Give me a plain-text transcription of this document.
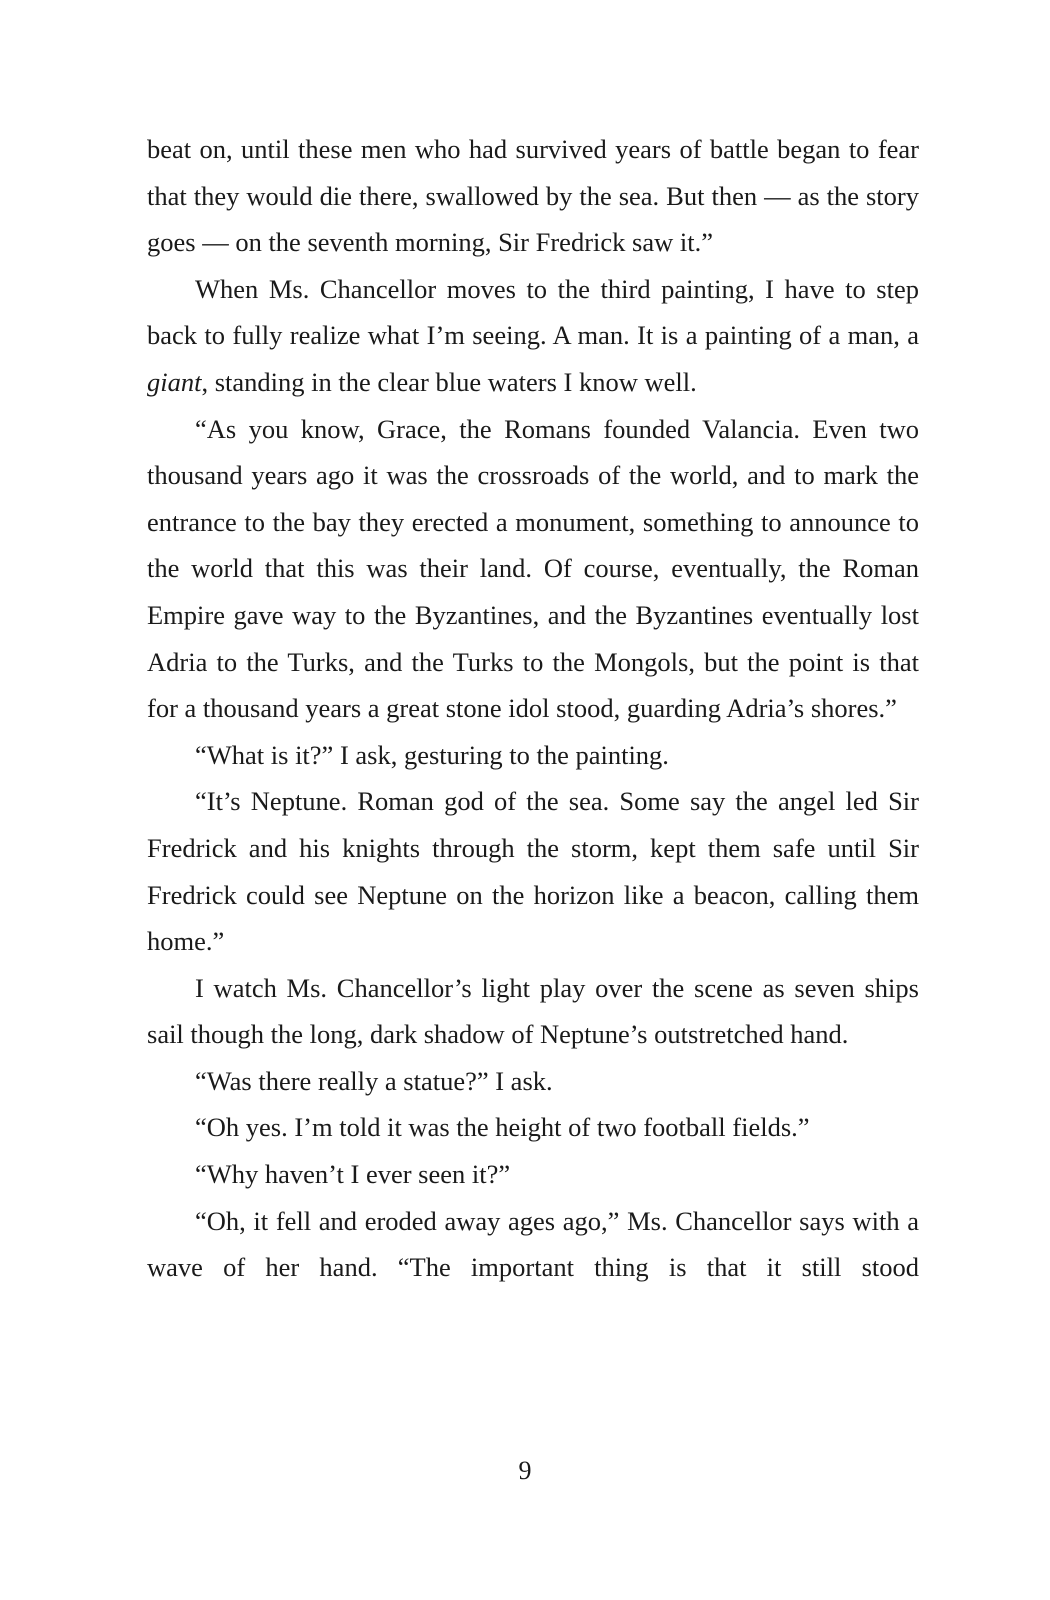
beat on, until these men who had survived years of battle began to fear that they would die there, swallowed by the sea. But then — as the story goes — on the seventh morning, Sir Fredrick saw it.”

When Ms. Chancellor moves to the third painting, I have to step back to fully realize what I’m seeing. A man. It is a painting of a man, a giant, standing in the clear blue waters I know well.

“As you know, Grace, the Romans founded Valancia. Even two thousand years ago it was the crossroads of the world, and to mark the entrance to the bay they erected a monument, something to announce to the world that this was their land. Of course, eventually, the Roman Empire gave way to the Byzantines, and the Byzantines eventually lost Adria to the Turks, and the Turks to the Mongols, but the point is that for a thousand years a great stone idol stood, guarding Adria’s shores.”

“What is it?” I ask, gesturing to the painting.

“It’s Neptune. Roman god of the sea. Some say the angel led Sir Fredrick and his knights through the storm, kept them safe until Sir Fredrick could see Neptune on the horizon like a beacon, calling them home.”

I watch Ms. Chancellor’s light play over the scene as seven ships sail though the long, dark shadow of Neptune’s outstretched hand.

“Was there really a statue?” I ask.

“Oh yes. I’m told it was the height of two football fields.”

“Why haven’t I ever seen it?”

“Oh, it fell and eroded away ages ago,” Ms. Chancellor says with a wave of her hand. “The important thing is that it still stood

9
